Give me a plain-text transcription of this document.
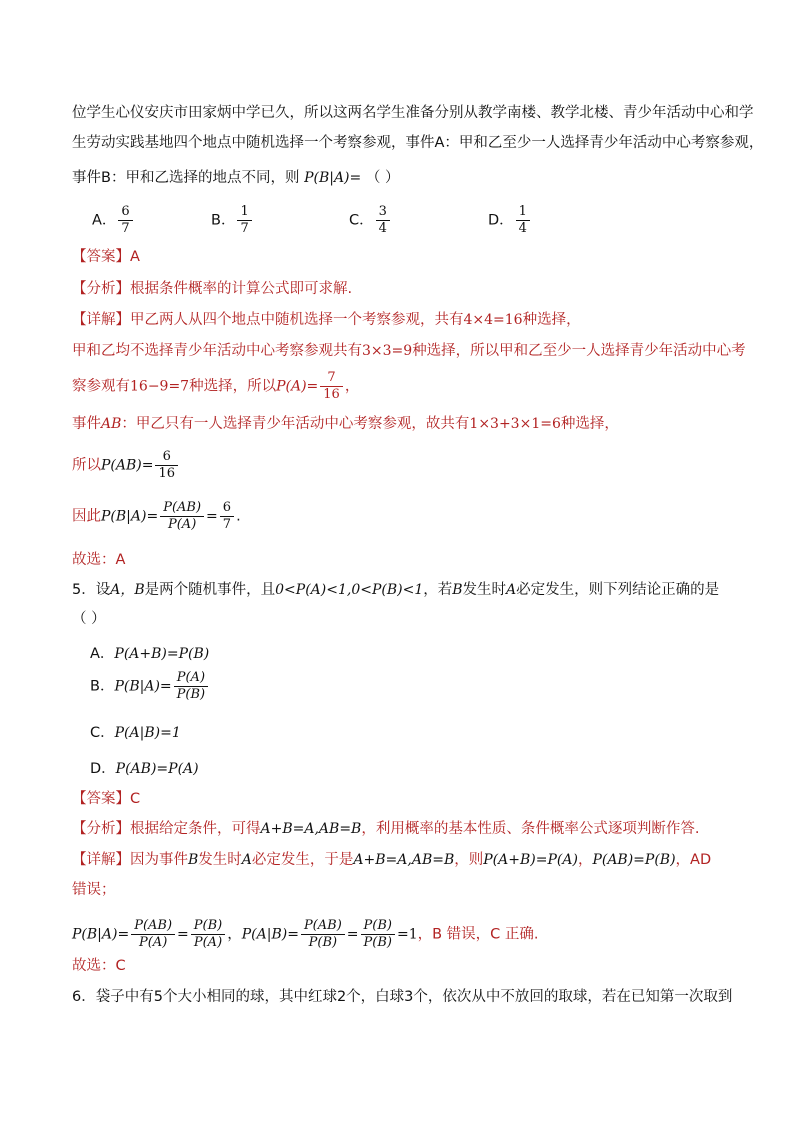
位学生心仪安庆市田家炳中学已久，所以这两名学生准备分别从教学南楼、教学北楼、青少年活动中心和学
生劳动实践基地四个地点中随机选择一个考察参观，事件A：甲和乙至少一人选择青少年活动中心考察参观，
事件B：甲和乙选择的地点不同，则 P(B|A)= （ ）
A． $\frac{6}{7}$	B． $\frac{1}{7}$	C． $\frac{3}{4}$	D． $\frac{1}{4}$
【答案】A
【分析】根据条件概率的计算公式即可求解.
【详解】甲乙两人从四个地点中随机选择一个考察参观，共有4×4=16种选择，
甲和乙均不选择青少年活动中心考察参观共有3×3=9种选择，所以甲和乙至少一人选择青少年活动中心考
察参观有16−9=7种选择，所以$P(A)= \frac{7}{16}$ ，
事件AB：甲乙只有一人选择青少年活动中心考察参观，故共有1×3+3×1=6种选择，
所以$P(AB)= \frac{6}{16}$
因此$P(B|A)= \frac{P(AB)}{P(A)} = \frac{6}{7}$ .
故选：A
5．设A，B是两个随机事件，且0<P(A)<1,0<P(B)<1，若B发生时A必定发生，则下列结论正确的是
（ ）
A．P(A+B)=P(B)
B．$P(B|A)= \frac{P(A)}{P(B)}$
C．P(A|B)=1
D．P(AB)=P(A)
【答案】C
【分析】根据给定条件，可得A+B=A,AB=B，利用概率的基本性质、条件概率公式逐项判断作答.
【详解】因为事件B发生时A必定发生，于是A+B=A,AB=B，则P(A+B)=P(A)，P(AB)=P(B)，AD
错误；
$P(B|A)= \frac{P(AB)}{P(A)} = \frac{P(B)}{P(A)}$ ，$P(A|B)= \frac{P(AB)}{P(B)} = \frac{P(B)}{P(B)} =1$，B 错误，C 正确.
故选：C
6．袋子中有5个大小相同的球，其中红球2个，白球3个，依次从中不放回的取球，若在已知第一次取到
